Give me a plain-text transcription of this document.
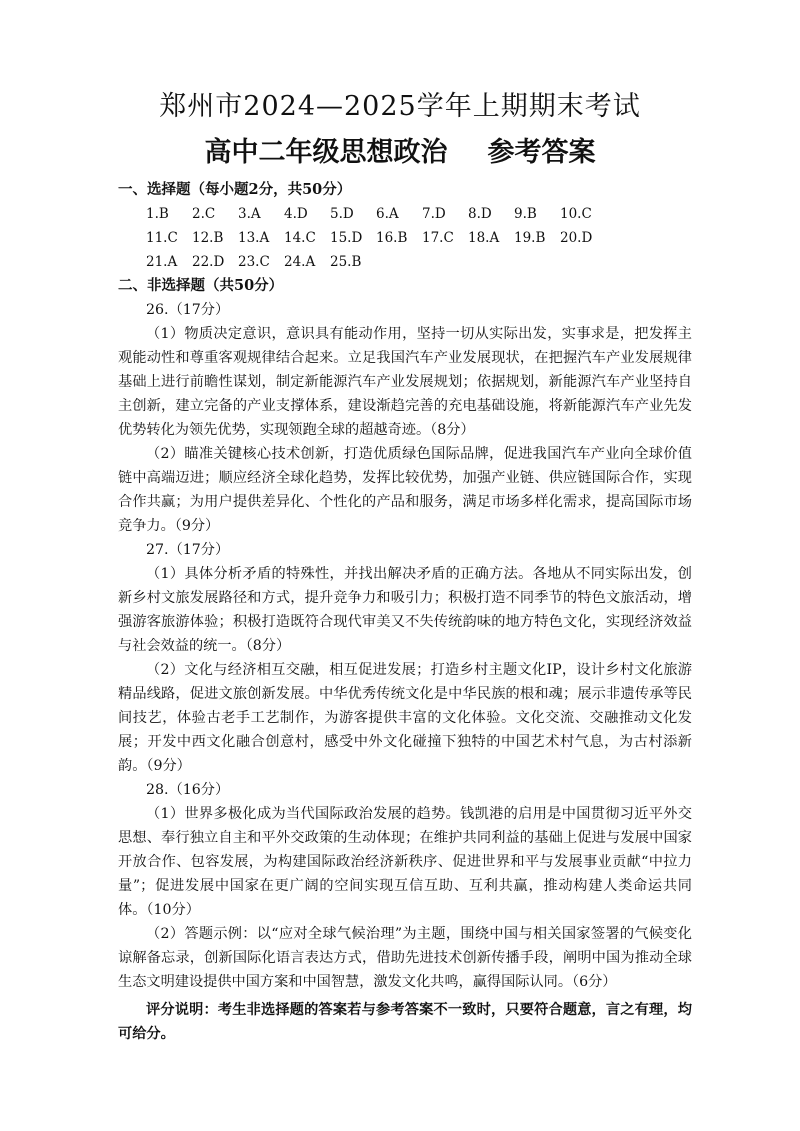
郑州市2024—2025学年上期期末考试
高中二年级思想政治 参考答案

一、选择题（每小题2分，共50分）

1.B	2.C	3.A	4.D	5.D	6.A	7.D	8.D	9.B	10.C
11.C	12.B	13.A	14.C	15.D	16.B	17.C	18.A	19.B	20.D
21.A	22.D	23.C	24.A	25.B

二、非选择题（共50分）

26.（17分）

（1）物质决定意识，意识具有能动作用，坚持一切从实际出发，实事求是，把发挥主观能动性和尊重客观规律结合起来。立足我国汽车产业发展现状，在把握汽车产业发展规律基础上进行前瞻性谋划，制定新能源汽车产业发展规划；依据规划，新能源汽车产业坚持自主创新，建立完备的产业支撑体系，建设渐趋完善的充电基础设施，将新能源汽车产业先发优势转化为领先优势，实现领跑全球的超越奇迹。（8分）

（2）瞄准关键核心技术创新，打造优质绿色国际品牌，促进我国汽车产业向全球价值链中高端迈进；顺应经济全球化趋势，发挥比较优势，加强产业链、供应链国际合作，实现合作共赢；为用户提供差异化、个性化的产品和服务，满足市场多样化需求，提高国际市场竞争力。（9分）

27.（17分）

（1）具体分析矛盾的特殊性，并找出解决矛盾的正确方法。各地从不同实际出发，创新乡村文旅发展路径和方式，提升竞争力和吸引力；积极打造不同季节的特色文旅活动，增强游客旅游体验；积极打造既符合现代审美又不失传统韵味的地方特色文化，实现经济效益与社会效益的统一。（8分）

（2）文化与经济相互交融，相互促进发展；打造乡村主题文化IP，设计乡村文化旅游精品线路，促进文旅创新发展。中华优秀传统文化是中华民族的根和魂；展示非遗传承等民间技艺，体验古老手工艺制作，为游客提供丰富的文化体验。文化交流、交融推动文化发展；开发中西文化融合创意村，感受中外文化碰撞下独特的中国艺术村气息，为古村添新韵。（9分）

28.（16分）

（1）世界多极化成为当代国际政治发展的趋势。钱凯港的启用是中国贯彻习近平外交思想、奉行独立自主和平外交政策的生动体现；在维护共同利益的基础上促进与发展中国家开放合作、包容发展，为构建国际政治经济新秩序、促进世界和平与发展事业贡献“中拉力量”；促进发展中国家在更广阔的空间实现互信互助、互利共赢，推动构建人类命运共同体。（10分）

（2）答题示例：以“应对全球气候治理”为主题，围绕中国与相关国家签署的气候变化谅解备忘录，创新国际化语言表达方式，借助先进技术创新传播手段，阐明中国为推动全球生态文明建设提供中国方案和中国智慧，激发文化共鸣，赢得国际认同。（6分）

评分说明：考生非选择题的答案若与参考答案不一致时，只要符合题意，言之有理，均可给分。
